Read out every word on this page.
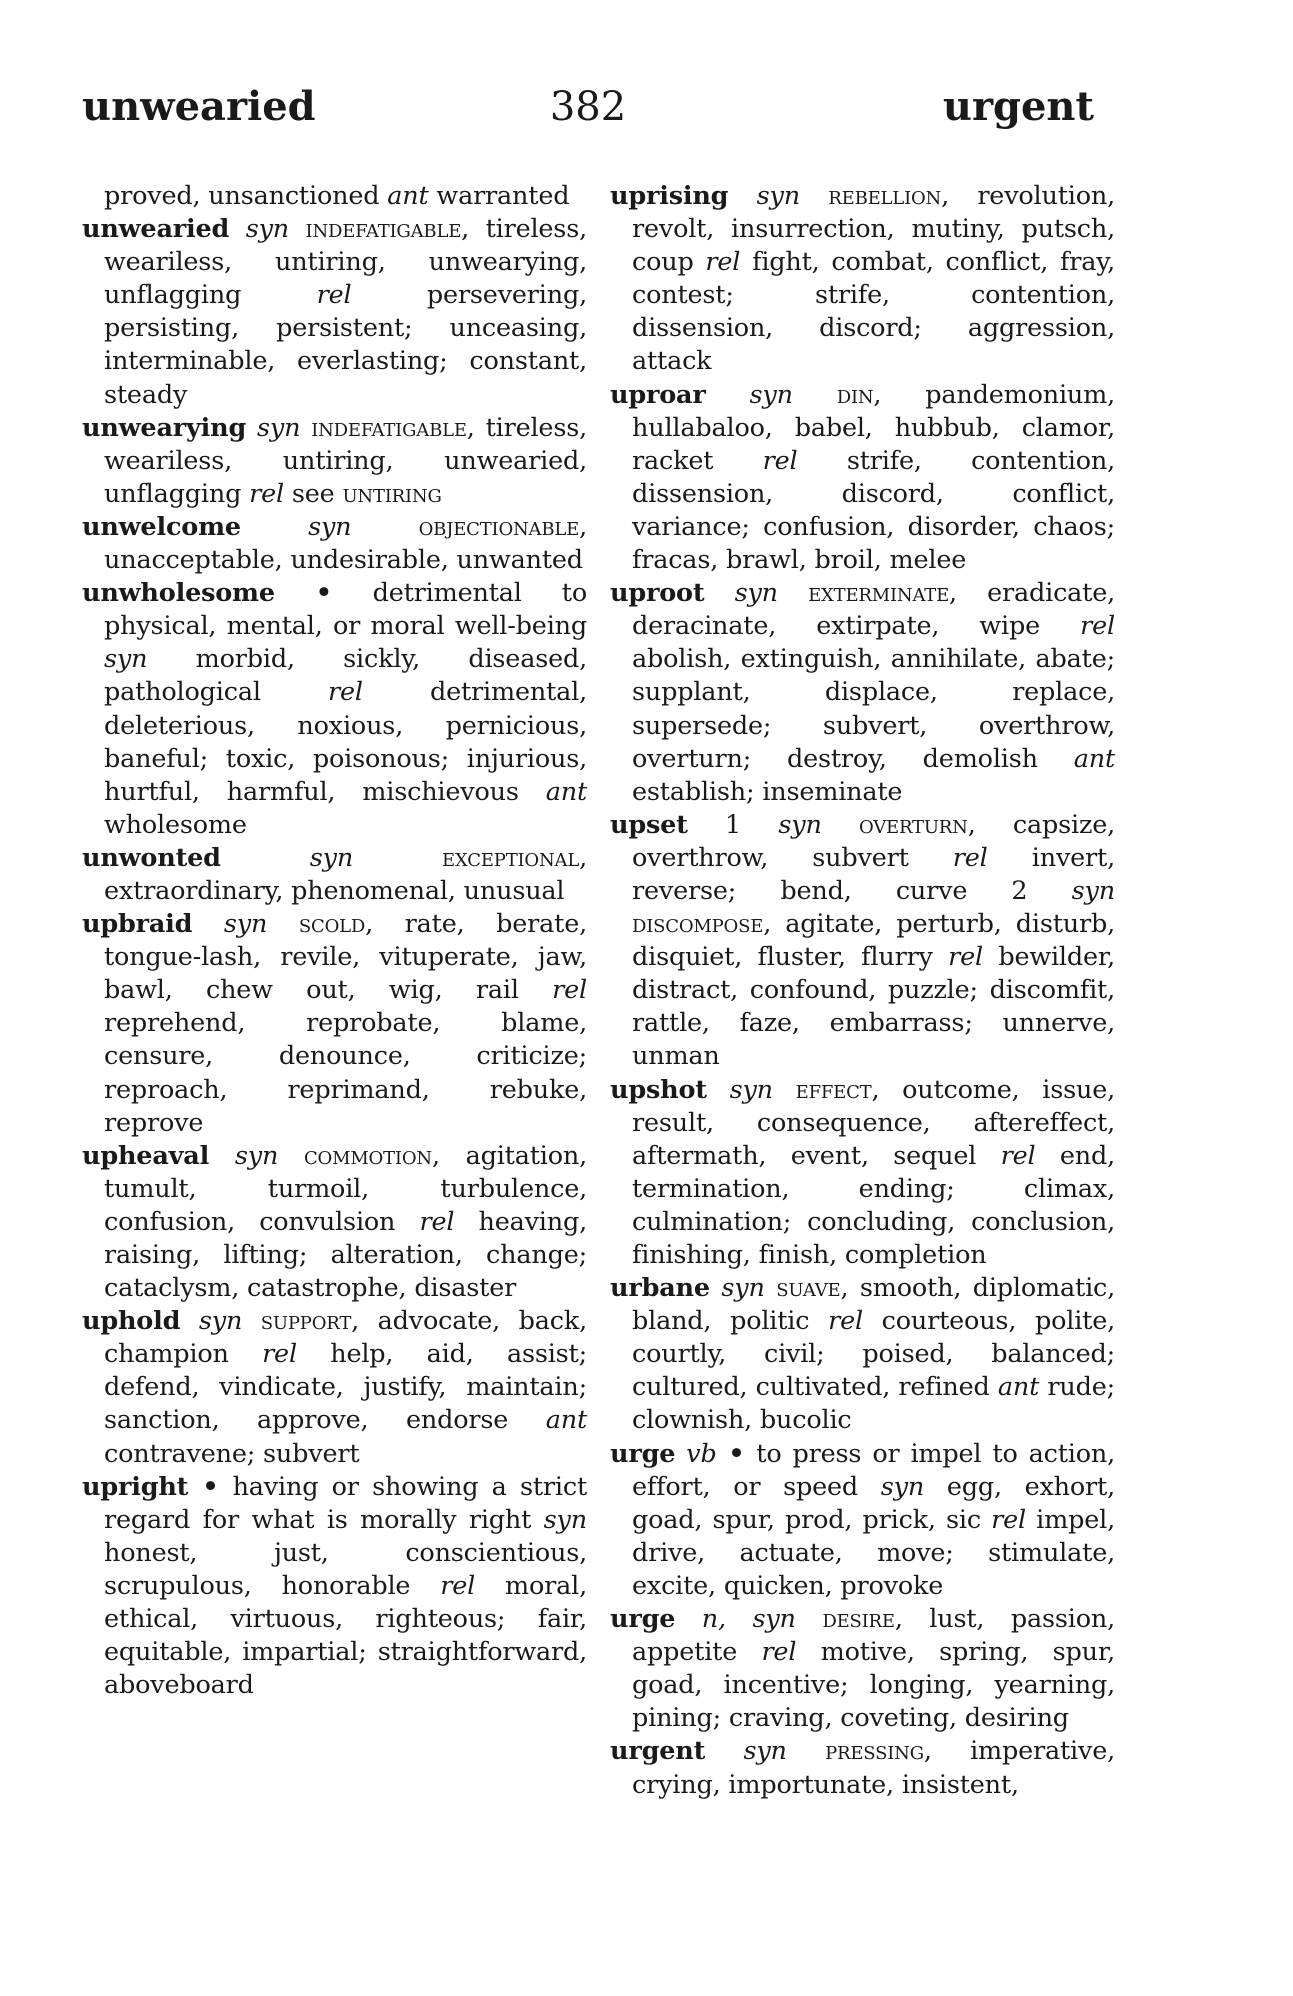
382
unwearied	urgent
proved, unsanctioned ant warranted
unwearied syn indefatigable, tireless, weariless, untiring, unwearying, unflagging rel persevering, persisting, persistent; unceasing, interminable, everlasting; constant, steady
unwearying syn indefatigable, tireless, weariless, untiring, unwearied, unflagging rel see untiring
unwelcome	syn	objectionable, unacceptable, undesirable, unwanted
unwholesome • detrimental to physical, mental, or moral well-being syn morbid, sickly, diseased, pathological rel detrimental, deleterious, noxious, pernicious, baneful; toxic, poisonous; injurious, hurtful, harmful, mischievous ant wholesome
unwonted	syn	exceptional, extraordinary, phenomenal, unusual
upbraid syn scold, rate, berate, tongue-lash, revile, vituperate, jaw, bawl, chew out, wig, rail rel reprehend, reprobate, blame, censure, denounce, criticize; reproach, reprimand, rebuke, reprove
upheaval syn commotion, agitation, tumult, turmoil, turbulence, confusion, convulsion rel heaving, raising, lifting; alteration, change; cataclysm, catastrophe, disaster
uphold syn support, advocate, back, champion rel help, aid, assist; defend, vindicate, justify, maintain; sanction, approve, endorse ant contravene; subvert
upright • having or showing a strict regard for what is morally right syn honest, just, conscientious, scrupulous, honorable rel moral, ethical, virtuous, righteous; fair, equitable, impartial; straightforward, aboveboard
uprising syn rebellion, revolution, revolt, insurrection, mutiny, putsch, coup rel fight, combat, conflict, fray, contest; strife, contention, dissension, discord; aggression, attack
uproar syn din, pandemonium, hullabaloo, babel, hubbub, clamor, racket rel strife, contention, dissension, discord, conflict, variance; confusion, disorder, chaos; fracas, brawl, broil, melee
uproot syn exterminate, eradicate, deracinate, extirpate, wipe rel abolish, extinguish, annihilate, abate; supplant, displace, replace, supersede; subvert, overthrow, overturn; destroy, demolish ant establish; inseminate
upset 1 syn overturn, capsize, overthrow, subvert rel invert, reverse; bend, curve 2 syn discompose, agitate, perturb, disturb, disquiet, fluster, flurry rel bewilder, distract, confound, puzzle; discomfit, rattle, faze, embarrass; unnerve, unman
upshot syn effect, outcome, issue, result, consequence, aftereffect, aftermath, event, sequel rel end, termination, ending; climax, culmination; concluding, conclusion, finishing, finish, completion
urbane syn suave, smooth, diplomatic, bland, politic rel courteous, polite, courtly, civil; poised, balanced; cultured, cultivated, refined ant rude; clownish, bucolic
urge vb • to press or impel to action, effort, or speed syn egg, exhort, goad, spur, prod, prick, sic rel impel, drive, actuate, move; stimulate, excite, quicken, provoke
urge n, syn desire, lust, passion, appetite rel motive, spring, spur, goad, incentive; longing, yearning, pining; craving, coveting, desiring
urgent syn pressing, imperative, crying, importunate, insistent,
